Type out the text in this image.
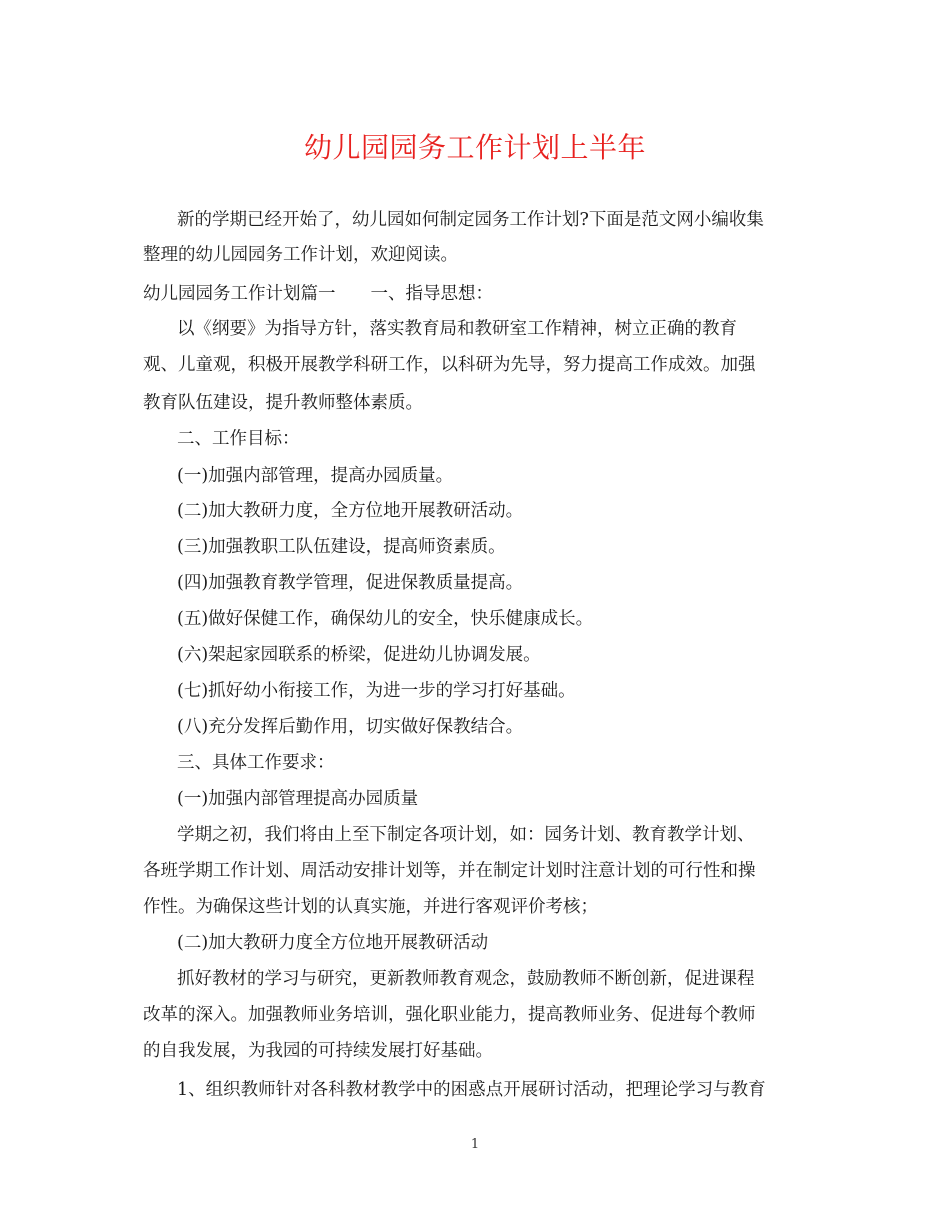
幼儿园园务工作计划上半年
新的学期已经开始了，幼儿园如何制定园务工作计划?下面是范文网小编收集
整理的幼儿园园务工作计划，欢迎阅读。
幼儿园园务工作计划篇一　　一、指导思想：
以《纲要》为指导方针，落实教育局和教研室工作精神，树立正确的教育
观、儿童观，积极开展教学科研工作，以科研为先导，努力提高工作成效。加强
教育队伍建设，提升教师整体素质。
二、工作目标：
(一)加强内部管理，提高办园质量。
(二)加大教研力度，全方位地开展教研活动。
(三)加强教职工队伍建设，提高师资素质。
(四)加强教育教学管理，促进保教质量提高。
(五)做好保健工作，确保幼儿的安全，快乐健康成长。
(六)架起家园联系的桥梁，促进幼儿协调发展。
(七)抓好幼小衔接工作，为进一步的学习打好基础。
(八)充分发挥后勤作用，切实做好保教结合。
三、具体工作要求：
(一)加强内部管理提高办园质量
学期之初，我们将由上至下制定各项计划，如：园务计划、教育教学计划、
各班学期工作计划、周活动安排计划等，并在制定计划时注意计划的可行性和操
作性。为确保这些计划的认真实施，并进行客观评价考核；
(二)加大教研力度全方位地开展教研活动
抓好教材的学习与研究，更新教师教育观念，鼓励教师不断创新，促进课程
改革的深入。加强教师业务培训，强化职业能力，提高教师业务、促进每个教师
的自我发展，为我园的可持续发展打好基础。
1、组织教师针对各科教材教学中的困惑点开展研讨活动，把理论学习与教育
1
